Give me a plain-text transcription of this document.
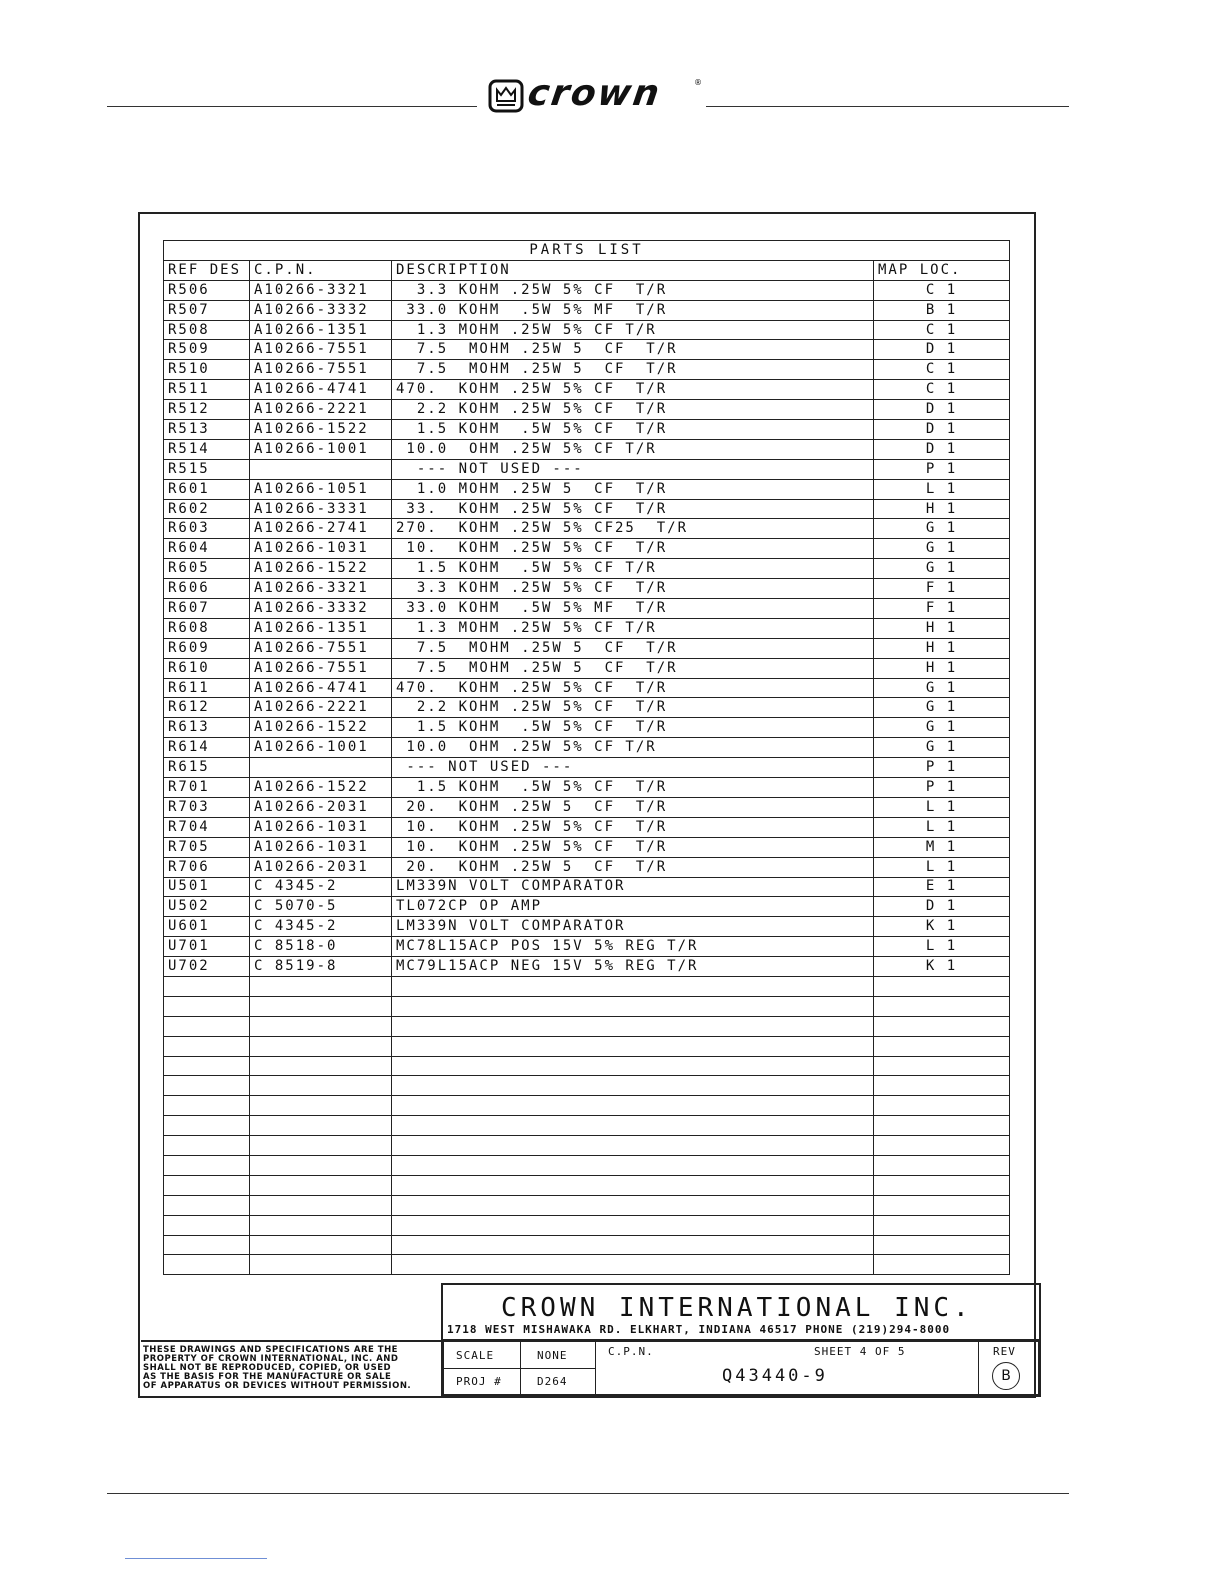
crown	®
PARTS LIST			
REF DES	C.P.N.	DESCRIPTION	MAP LOC.
R506	A10266-3321	3.3 KOHM .25W 5% CF  T/R	C 1
R507	A10266-3332	33.0 KOHM  .5W 5% MF  T/R	B 1
R508	A10266-1351	1.3 MOHM .25W 5% CF T/R	C 1
R509	A10266-7551	7.5  MOHM .25W 5  CF  T/R	D 1
R510	A10266-7551	7.5  MOHM .25W 5  CF  T/R	C 1
R511	A10266-4741	470.  KOHM .25W 5% CF  T/R	C 1
R512	A10266-2221	2.2 KOHM .25W 5% CF  T/R	D 1
R513	A10266-1522	1.5 KOHM  .5W 5% CF  T/R	D 1
R514	A10266-1001	10.0  OHM .25W 5% CF T/R	D 1
R515		--- NOT USED ---	P 1
R601	A10266-1051	1.0 MOHM .25W 5  CF  T/R	L 1
R602	A10266-3331	33.  KOHM .25W 5% CF  T/R	H 1
R603	A10266-2741	270.  KOHM .25W 5% CF25  T/R	G 1
R604	A10266-1031	10.  KOHM .25W 5% CF  T/R	G 1
R605	A10266-1522	1.5 KOHM  .5W 5% CF T/R	G 1
R606	A10266-3321	3.3 KOHM .25W 5% CF  T/R	F 1
R607	A10266-3332	33.0 KOHM  .5W 5% MF  T/R	F 1
R608	A10266-1351	1.3 MOHM .25W 5% CF T/R	H 1
R609	A10266-7551	7.5  MOHM .25W 5  CF  T/R	H 1
R610	A10266-7551	7.5  MOHM .25W 5  CF  T/R	H 1
R611	A10266-4741	470.  KOHM .25W 5% CF  T/R	G 1
R612	A10266-2221	2.2 KOHM .25W 5% CF  T/R	G 1
R613	A10266-1522	1.5 KOHM  .5W 5% CF  T/R	G 1
R614	A10266-1001	10.0  OHM .25W 5% CF T/R	G 1
R615		--- NOT USED ---	P 1
R701	A10266-1522	1.5 KOHM  .5W 5% CF  T/R	P 1
R703	A10266-2031	20.  KOHM .25W 5  CF  T/R	L 1
R704	A10266-1031	10.  KOHM .25W 5% CF  T/R	L 1
R705	A10266-1031	10.  KOHM .25W 5% CF  T/R	M 1
R706	A10266-2031	20.  KOHM .25W 5  CF  T/R	L 1
U501	C 4345-2	LM339N VOLT COMPARATOR	E 1
U502	C 5070-5	TL072CP OP AMP	D 1
U601	C 4345-2	LM339N VOLT COMPARATOR	K 1
U701	C 8518-0	MC78L15ACP POS 15V 5% REG T/R	L 1
U702	C 8519-8	MC79L15ACP NEG 15V 5% REG T/R	K 1

THESE DRAWINGS AND SPECIFICATIONS ARE THE
PROPERTY OF CROWN INTERNATIONAL, INC. AND
SHALL NOT BE REPRODUCED, COPIED, OR USED
AS THE BASIS FOR THE MANUFACTURE OR SALE
OF APPARATUS OR DEVICES WITHOUT PERMISSION.
CROWN INTERNATIONAL INC.
1718 WEST MISHAWAKA RD. ELKHART, INDIANA 46517 PHONE (219)294-8000
SCALE	NONE
PROJ #	D264
C.P.N.	SHEET 4 OF 5
Q43440-9
REV
B
